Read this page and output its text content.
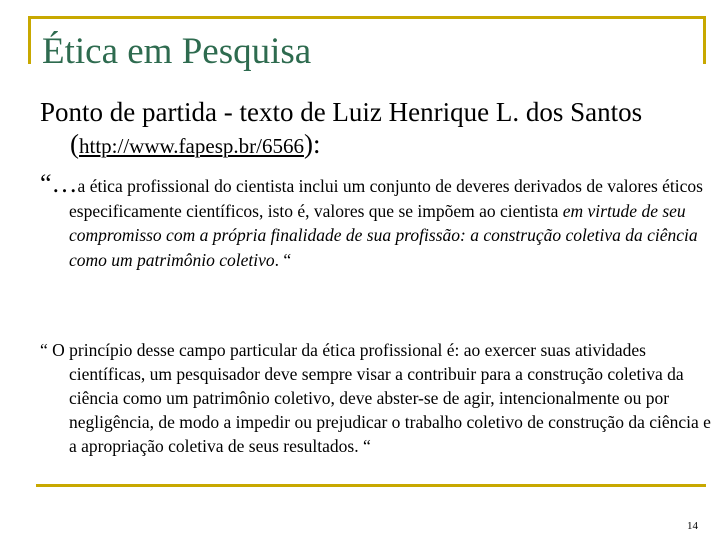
Ética em Pesquisa
Ponto de partida - texto de Luiz Henrique L. dos Santos (http://www.fapesp.br/6566):
“…a ética profissional do cientista inclui um conjunto de deveres derivados de valores éticos especificamente científicos, isto é, valores que se impõem ao cientista em virtude de seu compromisso com a própria finalidade de sua profissão: a construção coletiva da ciência como um patrimônio coletivo. “
“ O princípio desse campo particular da ética profissional é: ao exercer suas atividades científicas, um pesquisador deve sempre visar a contribuir para a construção coletiva da ciência como um patrimônio coletivo, deve abster-se de agir, intencionalmente ou por negligência, de modo a impedir ou prejudicar o trabalho coletivo de construção da ciência e a apropriação coletiva de seus resultados. “
14
